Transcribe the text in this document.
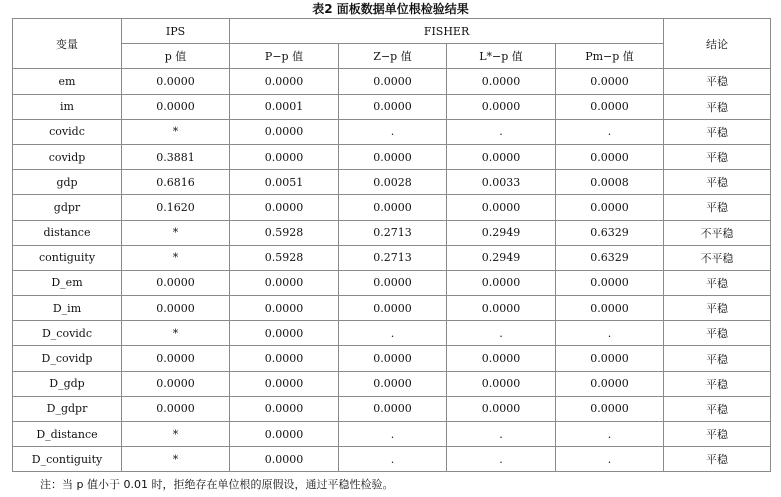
表2 面板数据单位根检验结果
变量	IPS	FISHER				结论
	p 值	P−p 值	Z−p 值	L*−p 值	Pm−p 值	
em	0.0000	0.0000	0.0000	0.0000	0.0000	平稳
im	0.0000	0.0001	0.0000	0.0000	0.0000	平稳
covidc	*	0.0000	.	.	.	平稳
covidp	0.3881	0.0000	0.0000	0.0000	0.0000	平稳
gdp	0.6816	0.0051	0.0028	0.0033	0.0008	平稳
gdpr	0.1620	0.0000	0.0000	0.0000	0.0000	平稳
distance	*	0.5928	0.2713	0.2949	0.6329	不平稳
contiguity	*	0.5928	0.2713	0.2949	0.6329	不平稳
D_em	0.0000	0.0000	0.0000	0.0000	0.0000	平稳
D_im	0.0000	0.0000	0.0000	0.0000	0.0000	平稳
D_covidc	*	0.0000	.	.	.	平稳
D_covidp	0.0000	0.0000	0.0000	0.0000	0.0000	平稳
D_gdp	0.0000	0.0000	0.0000	0.0000	0.0000	平稳
D_gdpr	0.0000	0.0000	0.0000	0.0000	0.0000	平稳
D_distance	*	0.0000	.	.	.	平稳
D_contiguity	*	0.0000	.	.	.	平稳
注：当 p 值小于 0.01 时，拒绝存在单位根的原假设，通过平稳性检验。
